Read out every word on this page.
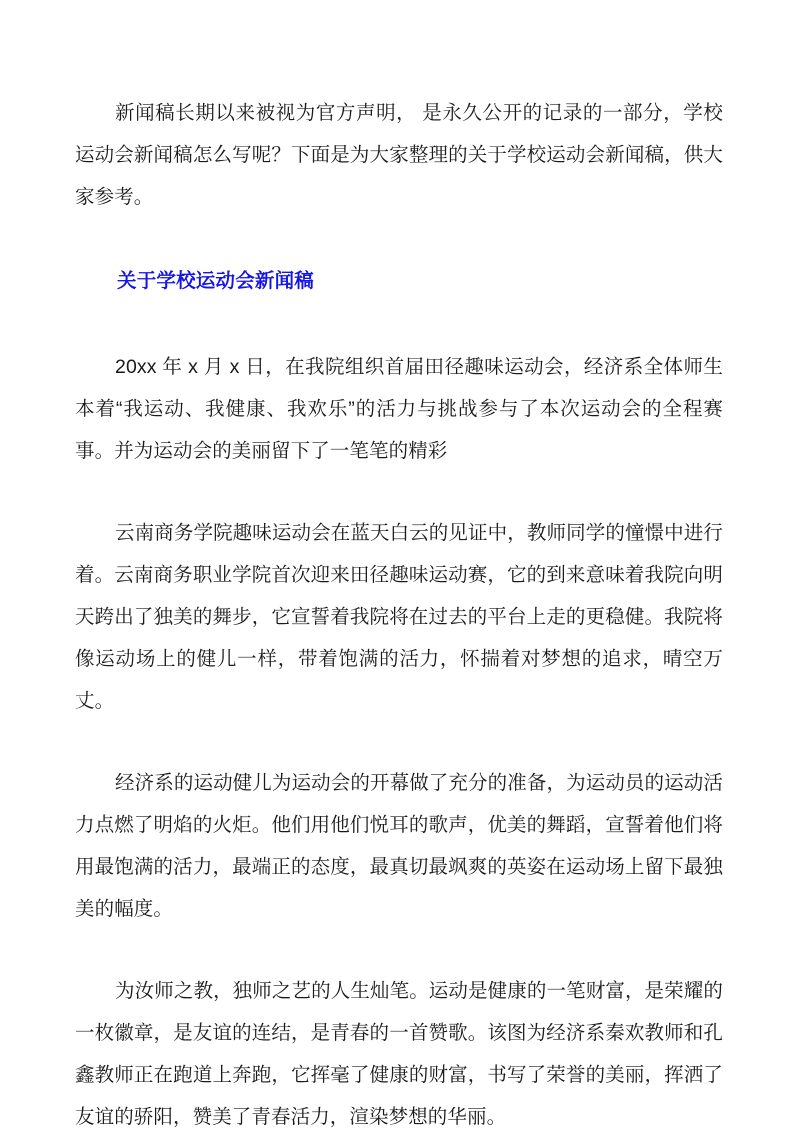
新闻稿长期以来被视为官方声明， 是永久公开的记录的一部分，学校运动会新闻稿怎么写呢？下面是为大家整理的关于学校运动会新闻稿，供大家参考。

关于学校运动会新闻稿

20xx 年 x 月 x 日，在我院组织首届田径趣味运动会，经济系全体师生本着“我运动、我健康、我欢乐”的活力与挑战参与了本次运动会的全程赛事。并为运动会的美丽留下了一笔笔的精彩

云南商务学院趣味运动会在蓝天白云的见证中，教师同学的憧憬中进行着。云南商务职业学院首次迎来田径趣味运动赛，它的到来意味着我院向明天跨出了独美的舞步，它宣誓着我院将在过去的平台上走的更稳健。我院将像运动场上的健儿一样，带着饱满的活力，怀揣着对梦想的追求，晴空万丈。

经济系的运动健儿为运动会的开幕做了充分的准备，为运动员的运动活力点燃了明焰的火炬。他们用他们悦耳的歌声，优美的舞蹈，宣誓着他们将用最饱满的活力，最端正的态度，最真切最飒爽的英姿在运动场上留下最独美的幅度。

为汝师之教，独师之艺的人生灿笔。运动是健康的一笔财富，是荣耀的一枚徽章，是友谊的连结，是青春的一首赞歌。该图为经济系秦欢教师和孔鑫教师正在跑道上奔跑，它挥毫了健康的财富，书写了荣誉的美丽，挥洒了友谊的骄阳，赞美了青春活力，渲染梦想的华丽。
